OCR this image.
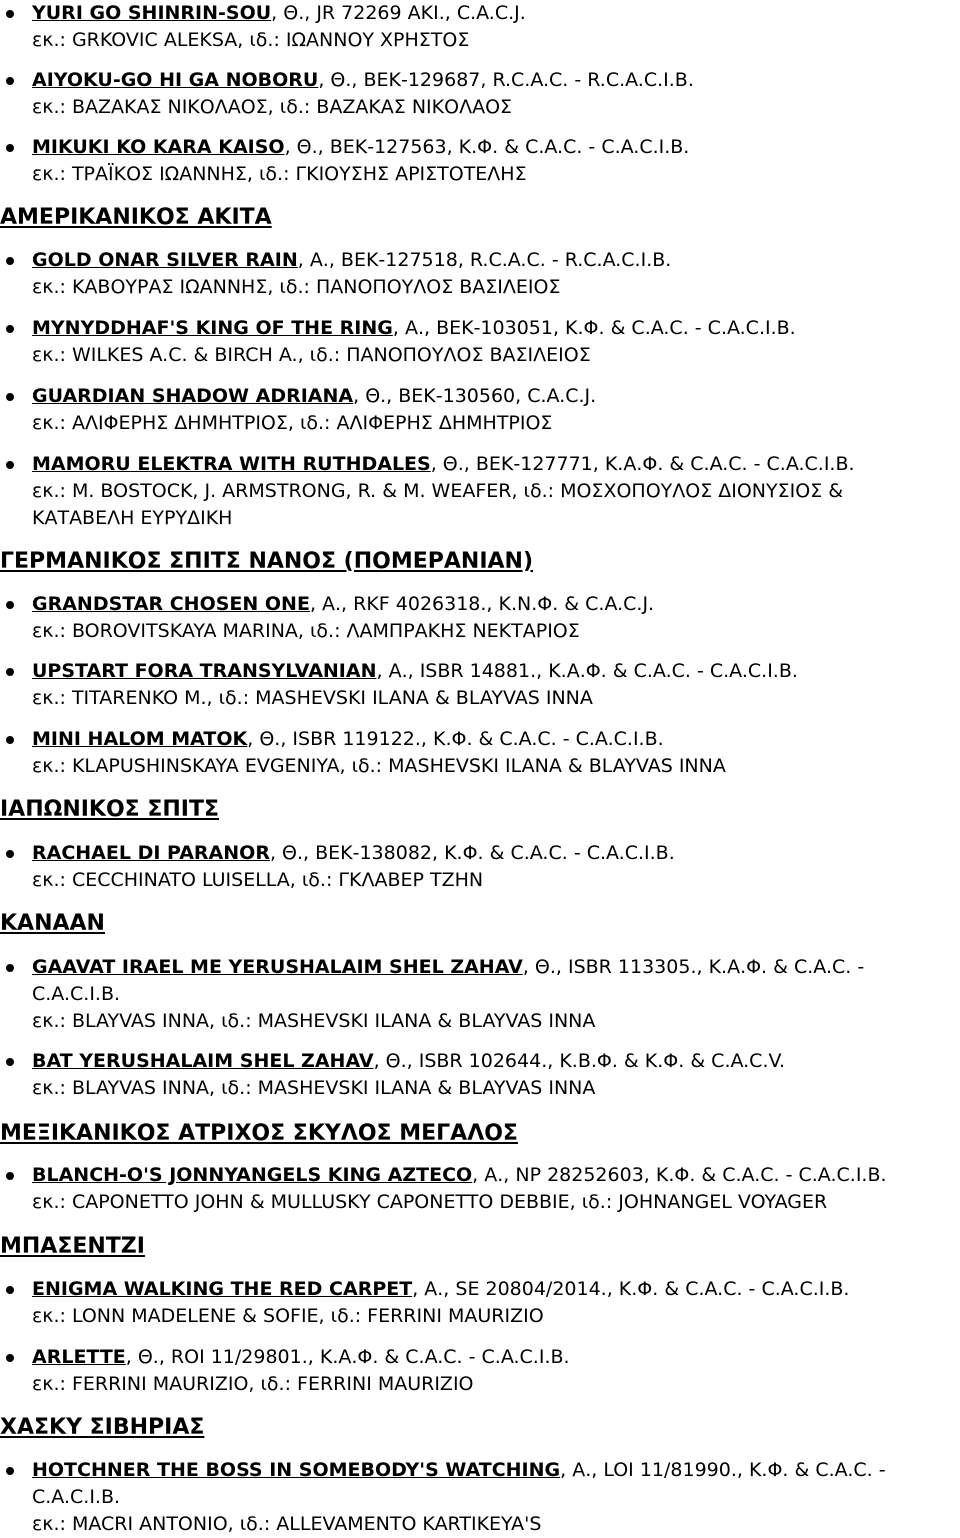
YURI GO SHINRIN-SOU, Θ., JR 72269 AKI., C.A.C.J.
εκ.: GRKOVIC ALEKSA, ιδ.: ΙΩΑΝΝΟΥ ΧΡΗΣΤΟΣ
AIYOKU-GO HI GA NOBORU, Θ., ΒΕΚ-129687, R.C.A.C. - R.C.A.C.I.B.
εκ.: ΒΑΖΑΚΑΣ ΝΙΚΟΛΑΟΣ, ιδ.: ΒΑΖΑΚΑΣ ΝΙΚΟΛΑΟΣ
MIKUKI KO KARA KAISO, Θ., ΒΕΚ-127563, Κ.Φ. & C.A.C. - C.A.C.I.B.
εκ.: ΤΡΑΪΚΟΣ ΙΩΑΝΝΗΣ, ιδ.: ΓΚΙΟΥΣΗΣ ΑΡΙΣΤΟΤΕΛΗΣ
ΑΜΕΡΙΚΑΝΙΚΟΣ ΑΚΙΤΑ
GOLD ONAR SILVER RAIN, Α., ΒΕΚ-127518, R.C.A.C. - R.C.A.C.I.B.
εκ.: ΚΑΒΟΥΡΑΣ ΙΩΑΝΝΗΣ, ιδ.: ΠΑΝΟΠΟΥΛΟΣ ΒΑΣΙΛΕΙΟΣ
MYNYDDHAF'S KING OF THE RING, Α., ΒΕΚ-103051, Κ.Φ. & C.A.C. - C.A.C.I.B.
εκ.: WILKES A.C. & BIRCH A., ιδ.: ΠΑΝΟΠΟΥΛΟΣ ΒΑΣΙΛΕΙΟΣ
GUARDIAN SHADOW ADRIANA, Θ., ΒΕΚ-130560, C.A.C.J.
εκ.: ΑΛΙΦΕΡΗΣ ΔΗΜΗΤΡΙΟΣ, ιδ.: ΑΛΙΦΕΡΗΣ ΔΗΜΗΤΡΙΟΣ
MAMORU ELEKTRA WITH RUTHDALES, Θ., ΒΕΚ-127771, Κ.Α.Φ. & C.A.C. - C.A.C.I.B.
εκ.: M. BOSTOCK, J. ARMSTRONG, R. & M. WEAFER, ιδ.: ΜΟΣΧΟΠΟΥΛΟΣ ΔΙΟΝΥΣΙΟΣ &
ΚΑΤΑΒΕΛΗ ΕΥΡΥΔΙΚΗ
ΓΕΡΜΑΝΙΚΟΣ ΣΠΙΤΣ ΝΑΝΟΣ (ΠΟΜΕΡΑΝΙΑΝ)
GRANDSTAR CHOSEN ONE, Α., RKF 4026318., Κ.Ν.Φ. & C.A.C.J.
εκ.: BOROVITSKAYA MARINA, ιδ.: ΛΑΜΠΡΑΚΗΣ ΝΕΚΤΑΡΙΟΣ
UPSTART FORA TRANSYLVANIAN, Α., ISBR 14881., Κ.Α.Φ. & C.A.C. - C.A.C.I.B.
εκ.: TITARENKO M., ιδ.: MASHEVSKI ILANA & BLAYVAS INNA
MINI HALOM MATOK, Θ., ISBR 119122., Κ.Φ. & C.A.C. - C.A.C.I.B.
εκ.: KLAPUSHINSKAYA EVGENIYA, ιδ.: MASHEVSKI ILANA & BLAYVAS INNA
ΙΑΠΩΝΙΚΟΣ ΣΠΙΤΣ
RACHAEL DI PARANOR, Θ., ΒΕΚ-138082, Κ.Φ. & C.A.C. - C.A.C.I.B.
εκ.: CECCHINATO LUISELLA, ιδ.: ΓΚΛΑΒΕΡ ΤΖΗΝ
ΚΑΝΑΑΝ
GAAVAT IRAEL ME YERUSHALAIM SHEL ZAHAV, Θ., ISBR 113305., Κ.Α.Φ. & C.A.C. -
C.A.C.I.B.
εκ.: BLAYVAS INNA, ιδ.: MASHEVSKI ILANA & BLAYVAS INNA
BAT YERUSHALAIM SHEL ZAHAV, Θ., ISBR 102644., Κ.Β.Φ. & Κ.Φ. & C.A.C.V.
εκ.: BLAYVAS INNA, ιδ.: MASHEVSKI ILANA & BLAYVAS INNA
ΜΕΞΙΚΑΝΙΚΟΣ ΑΤΡΙΧΟΣ ΣΚΥΛΟΣ ΜΕΓΑΛΟΣ
BLANCH-O'S JONNYANGELS KING AZTECO, Α., NP 28252603, Κ.Φ. & C.A.C. - C.A.C.I.B.
εκ.: CAPONETTO JOHN & MULLUSKY CAPONETTO DEBBIE, ιδ.: JOHNANGEL VOYAGER
ΜΠΑΣΕΝΤΖΙ
ENIGMA WALKING THE RED CARPET, Α., SE 20804/2014., Κ.Φ. & C.A.C. - C.A.C.I.B.
εκ.: LONN MADELENE & SOFIE, ιδ.: FERRINI MAURIZIO
ARLETTE, Θ., ROI 11/29801., Κ.Α.Φ. & C.A.C. - C.A.C.I.B.
εκ.: FERRINI MAURIZIO, ιδ.: FERRINI MAURIZIO
ΧΑΣΚΥ ΣΙΒΗΡΙΑΣ
HOTCHNER THE BOSS IN SOMEBODY'S WATCHING, Α., LOI 11/81990., Κ.Φ. & C.A.C. -
C.A.C.I.B.
εκ.: MACRI ANTONIO, ιδ.: ALLEVAMENTO KARTIKEYA'S
